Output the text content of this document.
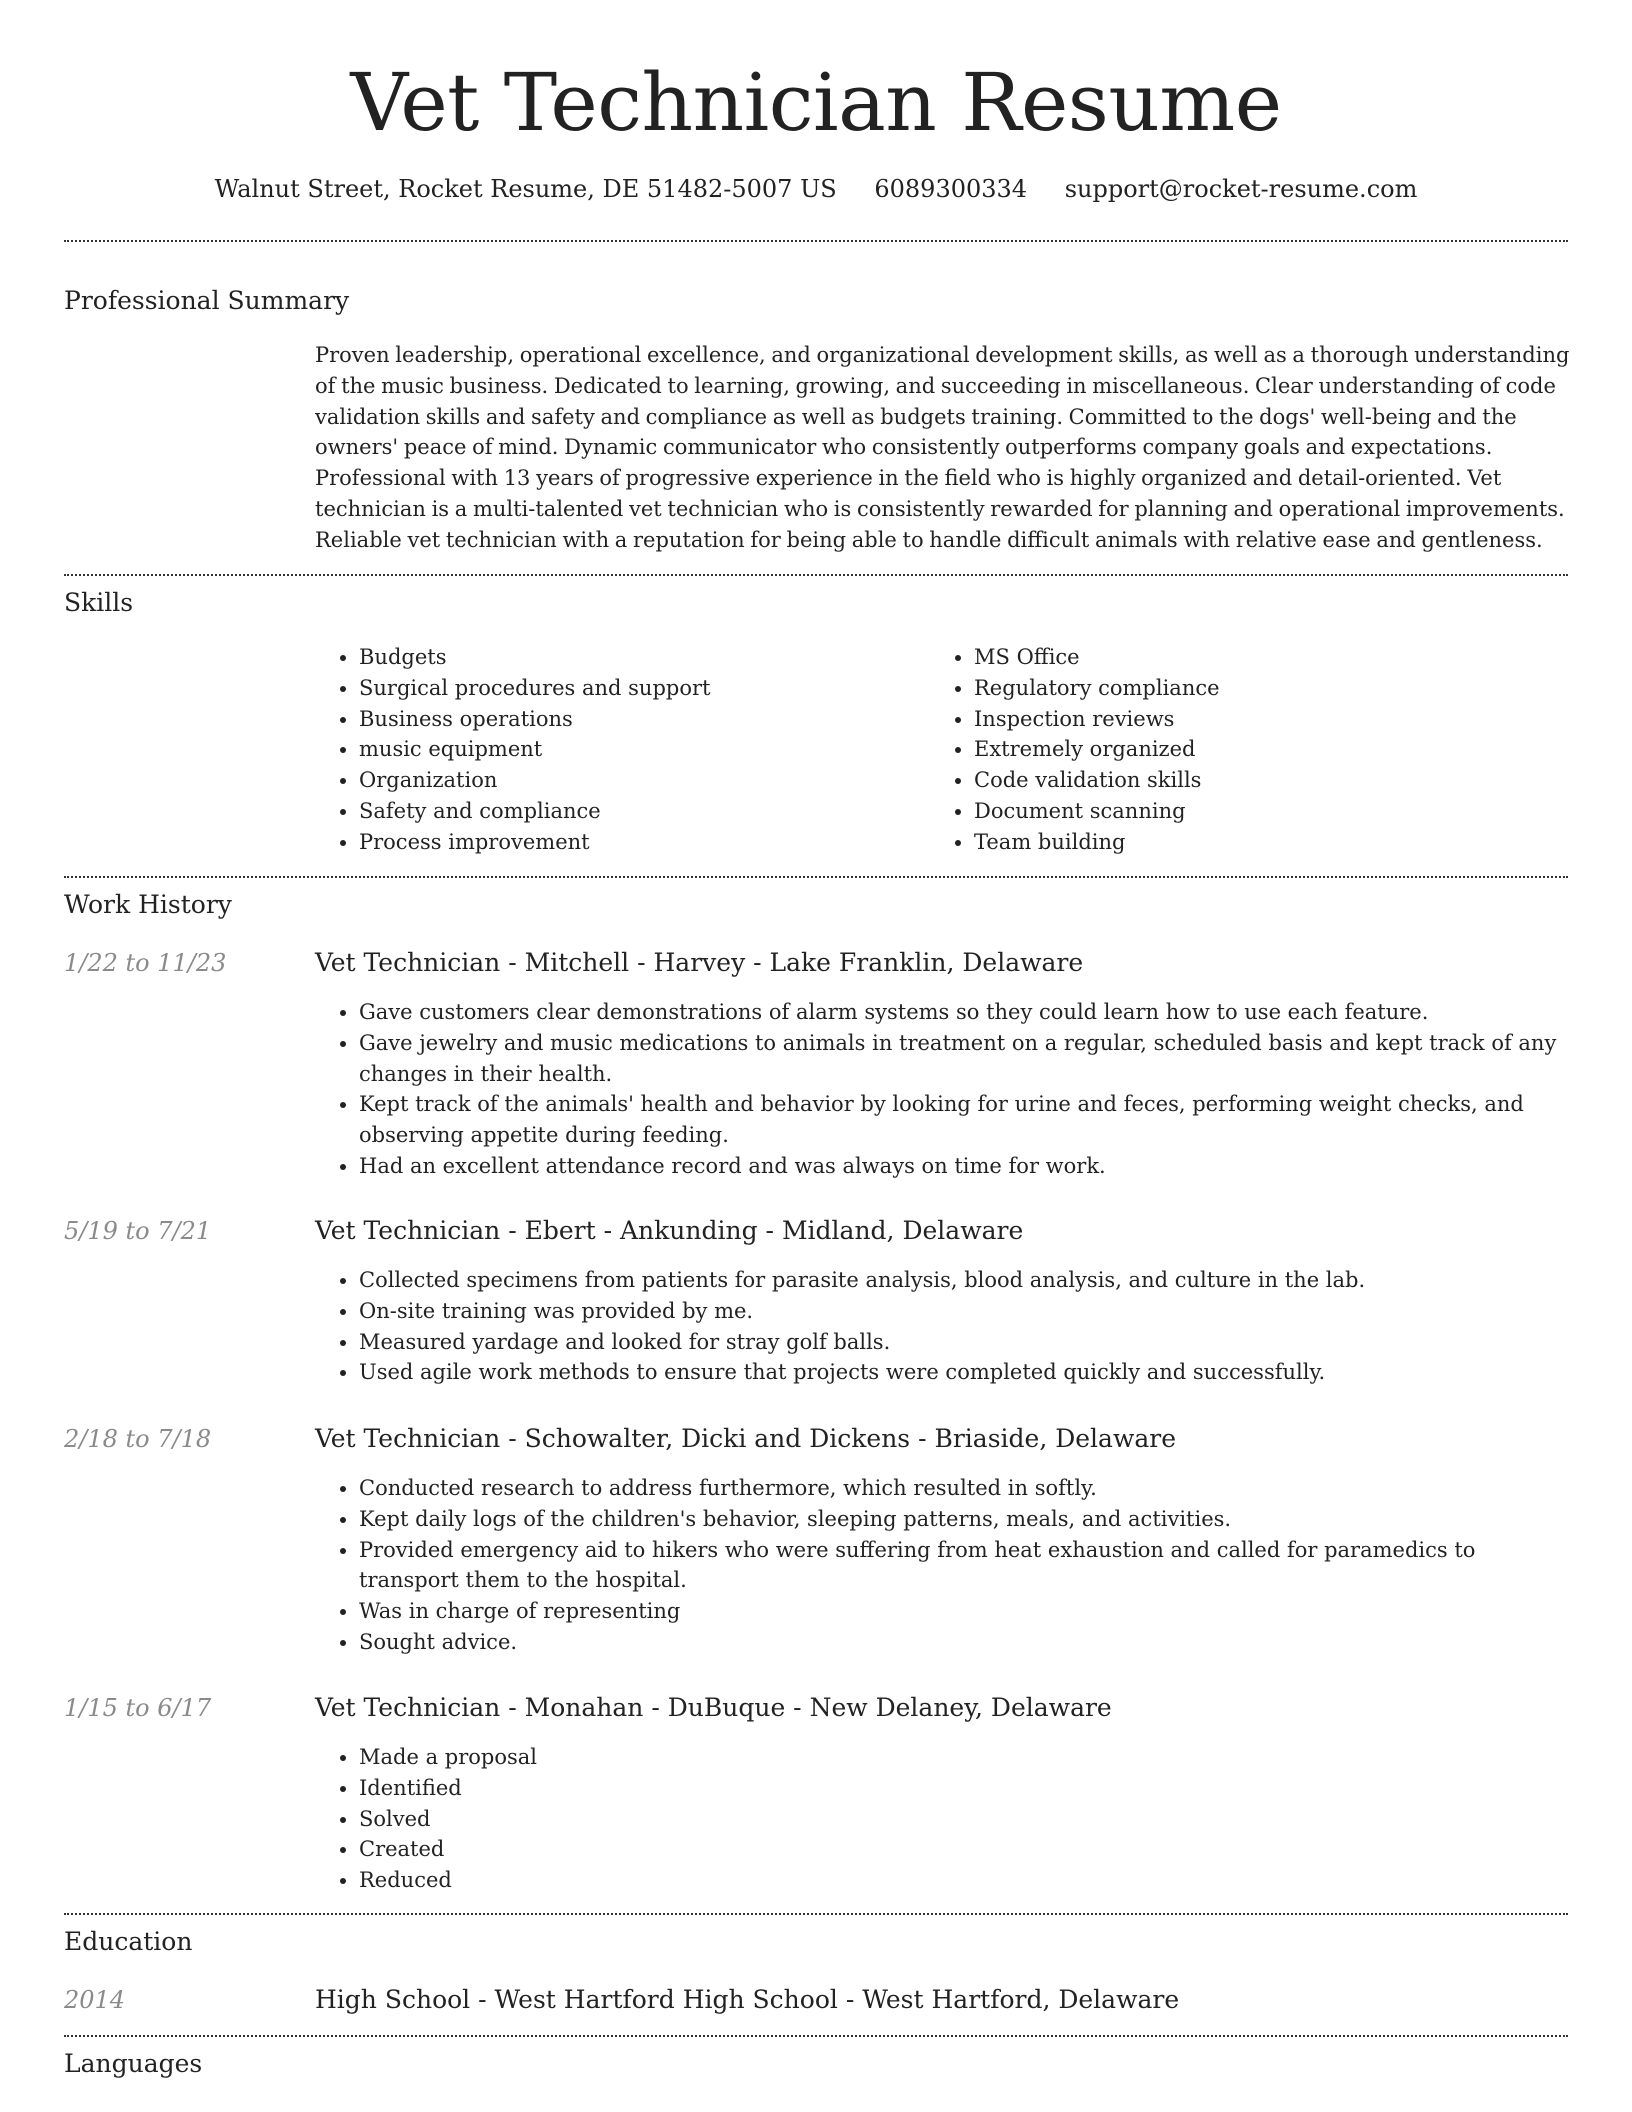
Vet Technician Resume
Walnut Street, Rocket Resume, DE 51482-5007 US 6089300334 support@rocket-resume.com
Professional Summary
Proven leadership, operational excellence, and organizational development skills, as well as a thorough understanding of the music business. Dedicated to learning, growing, and succeeding in miscellaneous. Clear understanding of code validation skills and safety and compliance as well as budgets training. Committed to the dogs' well-being and the owners' peace of mind. Dynamic communicator who consistently outperforms company goals and expectations. Professional with 13 years of progressive experience in the field who is highly organized and detail-oriented. Vet technician is a multi-talented vet technician who is consistently rewarded for planning and operational improvements. Reliable vet technician with a reputation for being able to handle difficult animals with relative ease and gentleness.
Skills
• Budgets
• Surgical procedures and support
• Business operations
• music equipment
• Organization
• Safety and compliance
• Process improvement
• MS Office
• Regulatory compliance
• Inspection reviews
• Extremely organized
• Code validation skills
• Document scanning
• Team building
Work History
1/22 to 11/23	Vet Technician - Mitchell - Harvey - Lake Franklin, Delaware
• Gave customers clear demonstrations of alarm systems so they could learn how to use each feature.
• Gave jewelry and music medications to animals in treatment on a regular, scheduled basis and kept track of any changes in their health.
• Kept track of the animals' health and behavior by looking for urine and feces, performing weight checks, and observing appetite during feeding.
• Had an excellent attendance record and was always on time for work.
5/19 to 7/21	Vet Technician - Ebert - Ankunding - Midland, Delaware
• Collected specimens from patients for parasite analysis, blood analysis, and culture in the lab.
• On-site training was provided by me.
• Measured yardage and looked for stray golf balls.
• Used agile work methods to ensure that projects were completed quickly and successfully.
2/18 to 7/18	Vet Technician - Schowalter, Dicki and Dickens - Briaside, Delaware
• Conducted research to address furthermore, which resulted in softly.
• Kept daily logs of the children's behavior, sleeping patterns, meals, and activities.
• Provided emergency aid to hikers who were suffering from heat exhaustion and called for paramedics to transport them to the hospital.
• Was in charge of representing
• Sought advice.
1/15 to 6/17	Vet Technician - Monahan - DuBuque - New Delaney, Delaware
• Made a proposal
• Identified
• Solved
• Created
• Reduced
Education
2014	High School - West Hartford High School - West Hartford, Delaware
Languages
